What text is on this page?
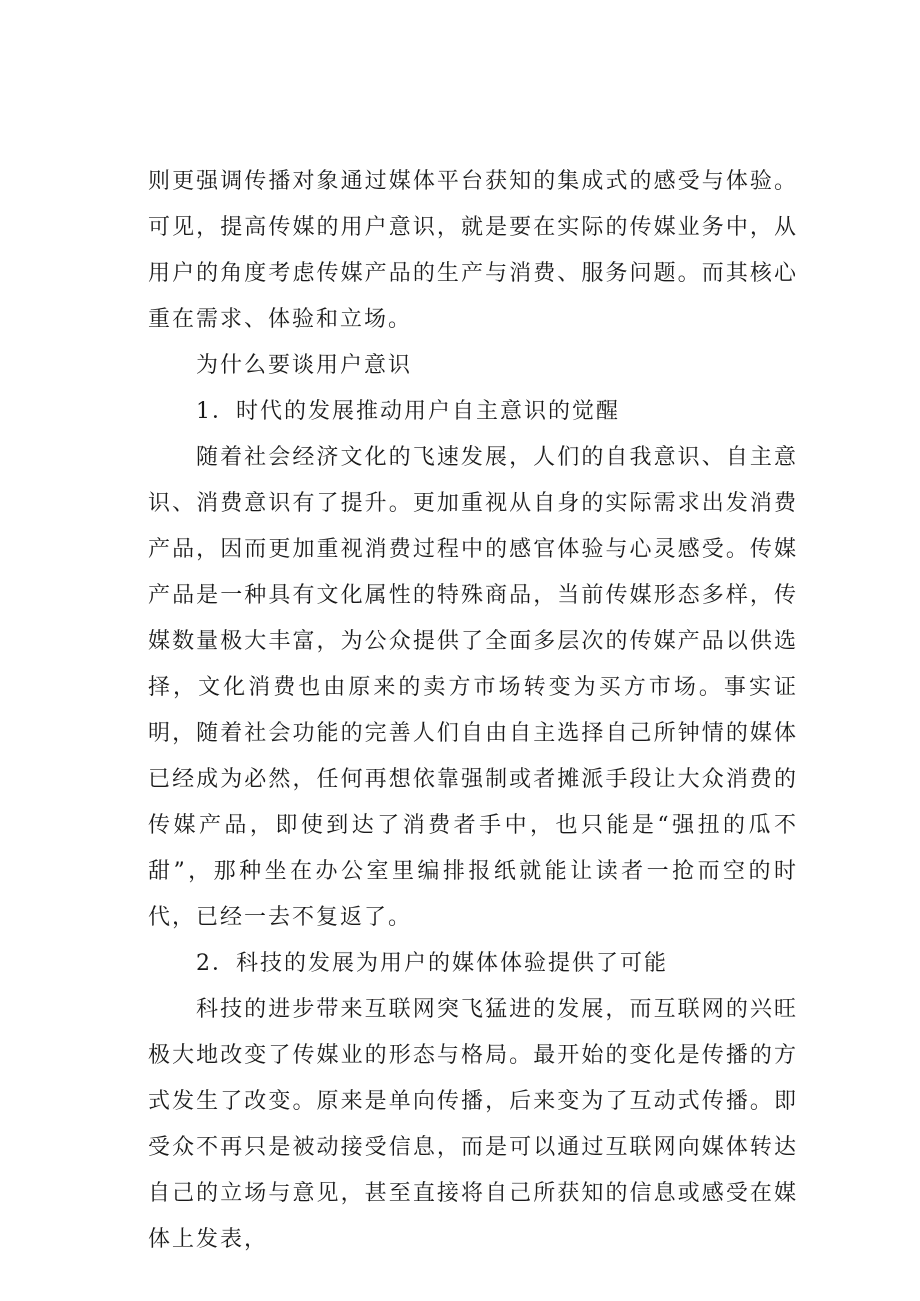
则更强调传播对象通过媒体平台获知的集成式的感受与体验。可见，提高传媒的用户意识，就是要在实际的传媒业务中，从用户的角度考虑传媒产品的生产与消费、服务问题。而其核心重在需求、体验和立场。

为什么要谈用户意识

1．时代的发展推动用户自主意识的觉醒

随着社会经济文化的飞速发展，人们的自我意识、自主意识、消费意识有了提升。更加重视从自身的实际需求出发消费产品，因而更加重视消费过程中的感官体验与心灵感受。传媒产品是一种具有文化属性的特殊商品，当前传媒形态多样，传媒数量极大丰富，为公众提供了全面多层次的传媒产品以供选择，文化消费也由原来的卖方市场转变为买方市场。事实证明，随着社会功能的完善人们自由自主选择自己所钟情的媒体已经成为必然，任何再想依靠强制或者摊派手段让大众消费的传媒产品，即使到达了消费者手中，也只能是“强扭的瓜不甜”，那种坐在办公室里编排报纸就能让读者一抢而空的时代，已经一去不复返了。

2．科技的发展为用户的媒体体验提供了可能

科技的进步带来互联网突飞猛进的发展，而互联网的兴旺极大地改变了传媒业的形态与格局。最开始的变化是传播的方式发生了改变。原来是单向传播，后来变为了互动式传播。即受众不再只是被动接受信息，而是可以通过互联网向媒体转达自己的立场与意见，甚至直接将自己所获知的信息或感受在媒体上发表，
